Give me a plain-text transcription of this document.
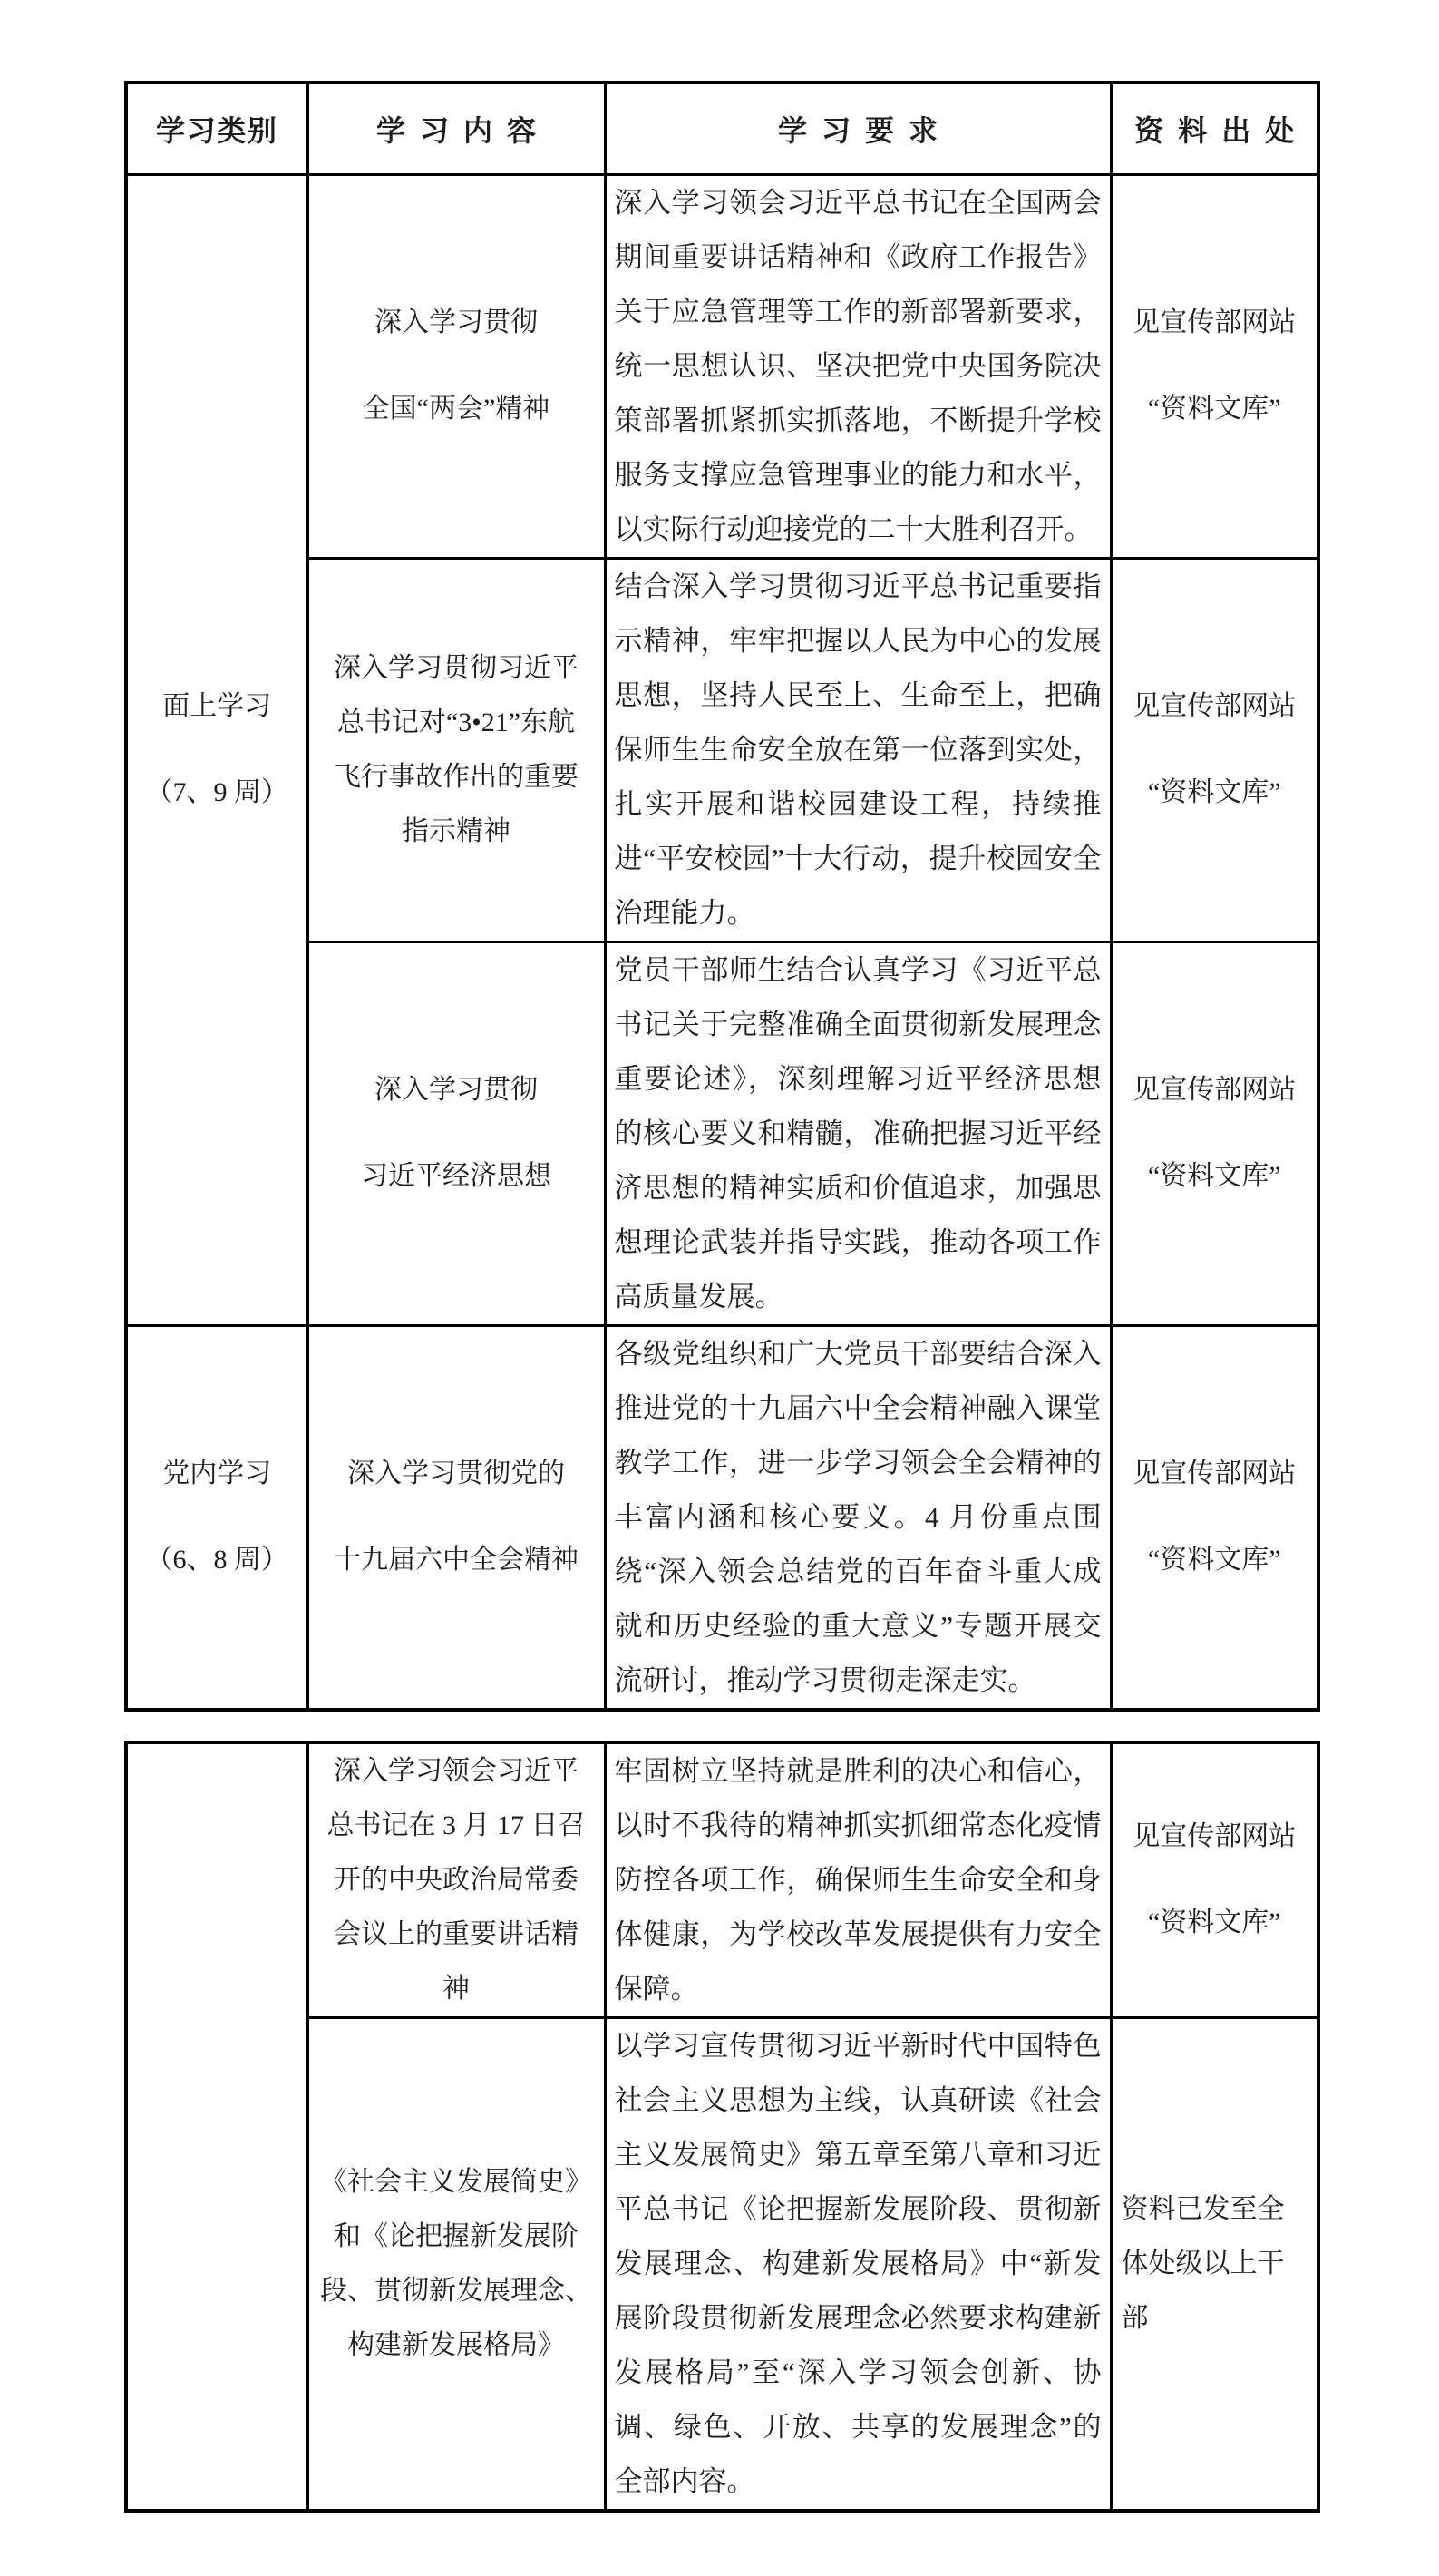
学习类别	学习内容	学习要求	资料出处

面上学习
（7、9 周）	深入学习贯彻
全国“两会”精神	深入学习领会习近平总书记在全国两会期间重要讲话精神和《政府工作报告》关于应急管理等工作的新部署新要求，统一思想认识、坚决把党中央国务院决策部署抓紧抓实抓落地，不断提升学校服务支撑应急管理事业的能力和水平，以实际行动迎接党的二十大胜利召开。	见宣传部网站
“资料文库”

	深入学习贯彻习近平
总书记对“3•21”东航
飞行事故作出的重要
指示精神	结合深入学习贯彻习近平总书记重要指示精神，牢牢把握以人民为中心的发展思想，坚持人民至上、生命至上，把确保师生生命安全放在第一位落到实处，扎实开展和谐校园建设工程，持续推进“平安校园”十大行动，提升校园安全治理能力。	见宣传部网站
“资料文库”

	深入学习贯彻
习近平经济思想	党员干部师生结合认真学习《习近平总书记关于完整准确全面贯彻新发展理念重要论述》，深刻理解习近平经济思想的核心要义和精髓，准确把握习近平经济思想的精神实质和价值追求，加强思想理论武装并指导实践，推动各项工作高质量发展。	见宣传部网站
“资料文库”

党内学习
（6、8 周）	深入学习贯彻党的
十九届六中全会精神	各级党组织和广大党员干部要结合深入推进党的十九届六中全会精神融入课堂教学工作，进一步学习领会全会精神的丰富内涵和核心要义。4 月份重点围绕“深入领会总结党的百年奋斗重大成就和历史经验的重大意义”专题开展交流研讨，推动学习贯彻走深走实。	见宣传部网站
“资料文库”

	深入学习领会习近平
总书记在 3 月 17 日召
开的中央政治局常委
会议上的重要讲话精
神	牢固树立坚持就是胜利的决心和信心，以时不我待的精神抓实抓细常态化疫情防控各项工作，确保师生生命安全和身体健康，为学校改革发展提供有力安全保障。	见宣传部网站
“资料文库”

	《社会主义发展简史》
和《论把握新发展阶
段、贯彻新发展理念、
构建新发展格局》	以学习宣传贯彻习近平新时代中国特色社会主义思想为主线，认真研读《社会主义发展简史》第五章至第八章和习近平总书记《论把握新发展阶段、贯彻新发展理念、构建新发展格局》中“新发展阶段贯彻新发展理念必然要求构建新发展格局”至“深入学习领会创新、协调、绿色、开放、共享的发展理念”的全部内容。	资料已发至全
体处级以上干
部
